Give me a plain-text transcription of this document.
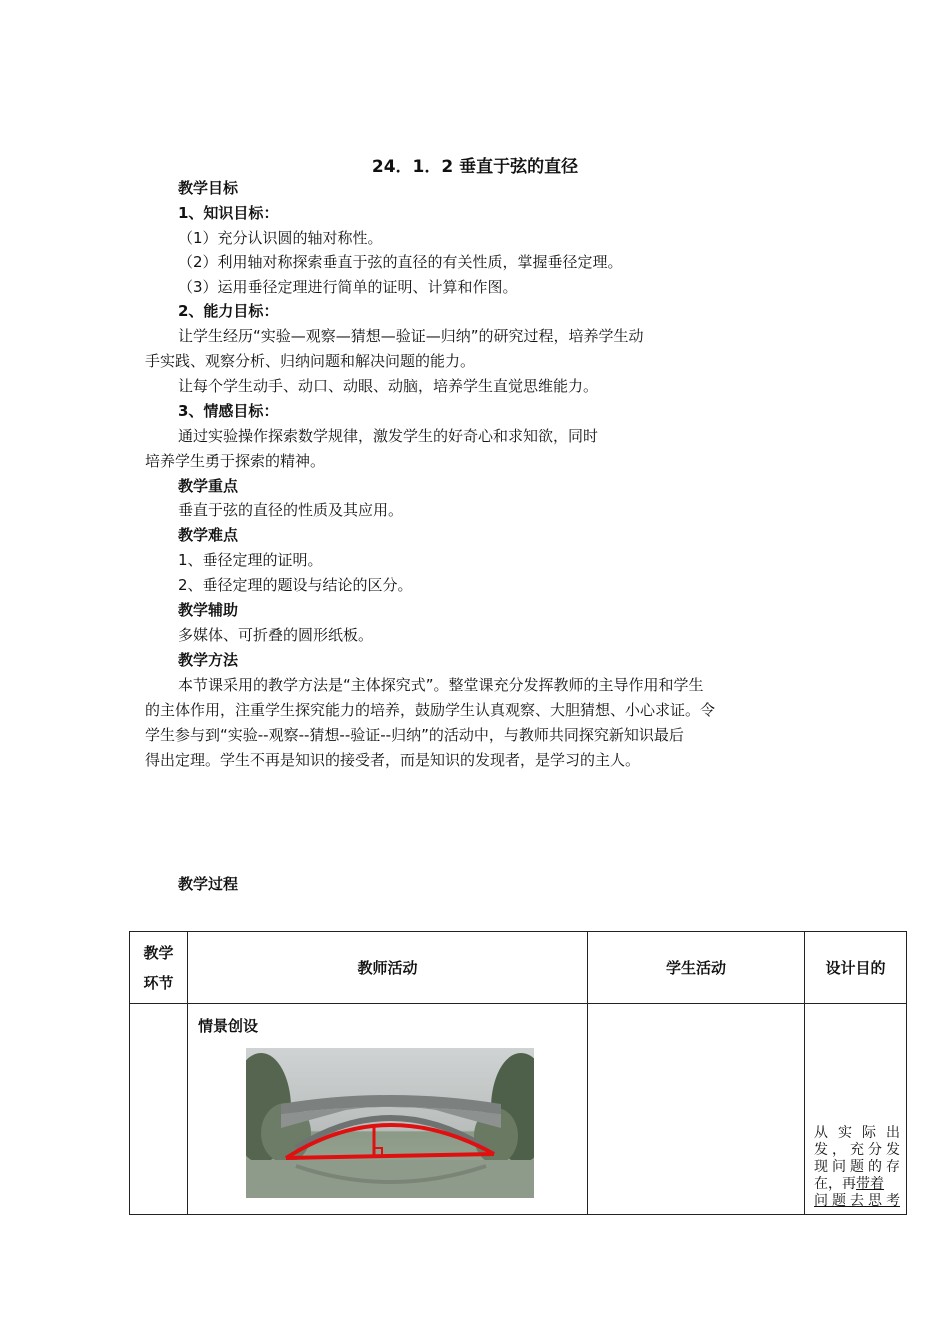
24．1．2 垂直于弦的直径
教学目标
1、知识目标：
（1）充分认识圆的轴对称性。
（2）利用轴对称探索垂直于弦的直径的有关性质，掌握垂径定理。
（3）运用垂径定理进行简单的证明、计算和作图。
2、能力目标：
让学生经历“实验—观察—猜想—验证—归纳”的研究过程，培养学生动
手实践、观察分析、归纳问题和解决问题的能力。
让每个学生动手、动口、动眼、动脑，培养学生直觉思维能力。
3、情感目标：
通过实验操作探索数学规律，激发学生的好奇心和求知欲，同时
培养学生勇于探索的精神。
教学重点
垂直于弦的直径的性质及其应用。
教学难点
1、垂径定理的证明。
2、垂径定理的题设与结论的区分。
教学辅助
多媒体、可折叠的圆形纸板。
教学方法
本节课采用的教学方法是“主体探究式”。整堂课充分发挥教师的主导作用和学生
的主体作用，注重学生探究能力的培养，鼓励学生认真观察、大胆猜想、小心求证。令
学生参与到“实验--观察--猜想--验证--归纳”的活动中，与教师共同探究新知识最后
得出定理。学生不再是知识的接受者，而是知识的发现者，是学习的主人。
教学过程
教学
环节	教师活动	学生活动	设计目的

	情景创设		从 实 际 出
发，充分发
现问题的存
在，再带着
问题去思考
